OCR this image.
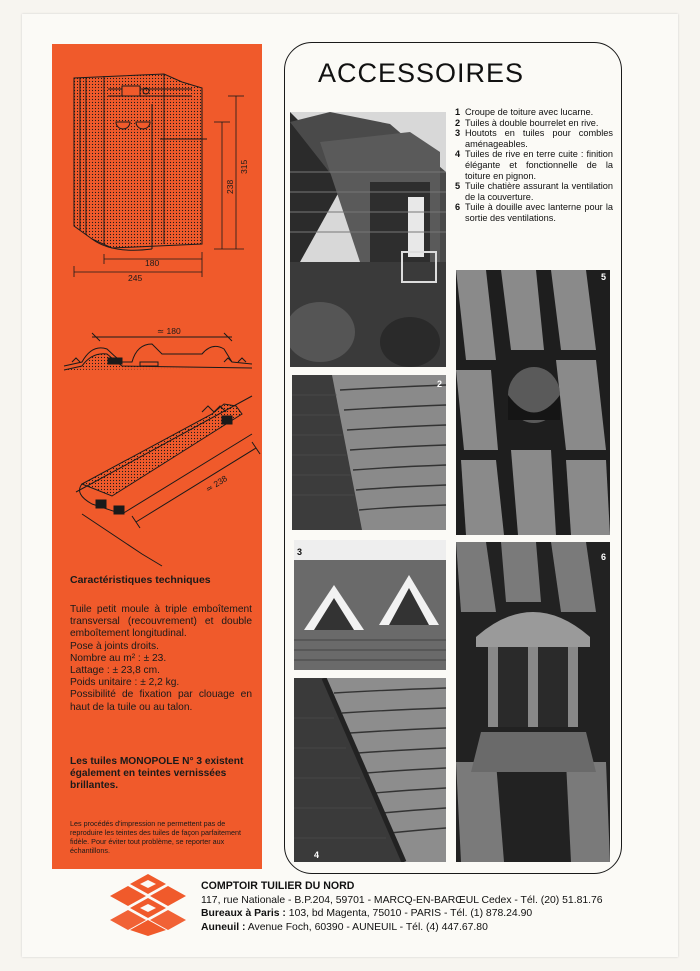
315
238
180
245
≃ 180
≃ 238
Caractéristiques techniques
Tuile petit moule à triple emboîtement transversal (recouvrement) et double emboîtement longitudinal.
Pose à joints droits.
Nombre au m² : ± 23.
Lattage : ± 23,8 cm.
Poids unitaire : ± 2,2 kg.
Possibilité de fixation par clouage en haut de la tuile ou au talon.
Les tuiles MONOPOLE N° 3 existent également en teintes vernissées brillantes.
Les procédés d'impression ne permettent pas de reproduire les teintes des tuiles de façon parfaitement fidèle. Pour éviter tout problème, se reporter aux échantillons.
ACCESSOIRES
1 Croupe de toiture avec lucarne.
2 Tuiles à double bourrelet en rive.
3 Houtots en tuiles pour combles aménageables.
4 Tuiles de rive en terre cuite : finition élégante et fonctionnelle de la toiture en pignon.
5 Tuile chatière assurant la ventilation de la couverture.
6 Tuile à douille avec lanterne pour la sortie des ventilations.
2
3
4
5
6
COMPTOIR TUILIER DU NORD
117, rue Nationale - B.P.204, 59701 - MARCQ-EN-BARŒUL Cedex - Tél. (20) 51.81.76
Bureaux à Paris : 103, bd Magenta, 75010 - PARIS - Tél. (1) 878.24.90
Auneuil : Avenue Foch, 60390 - AUNEUIL - Tél. (4) 447.67.80
